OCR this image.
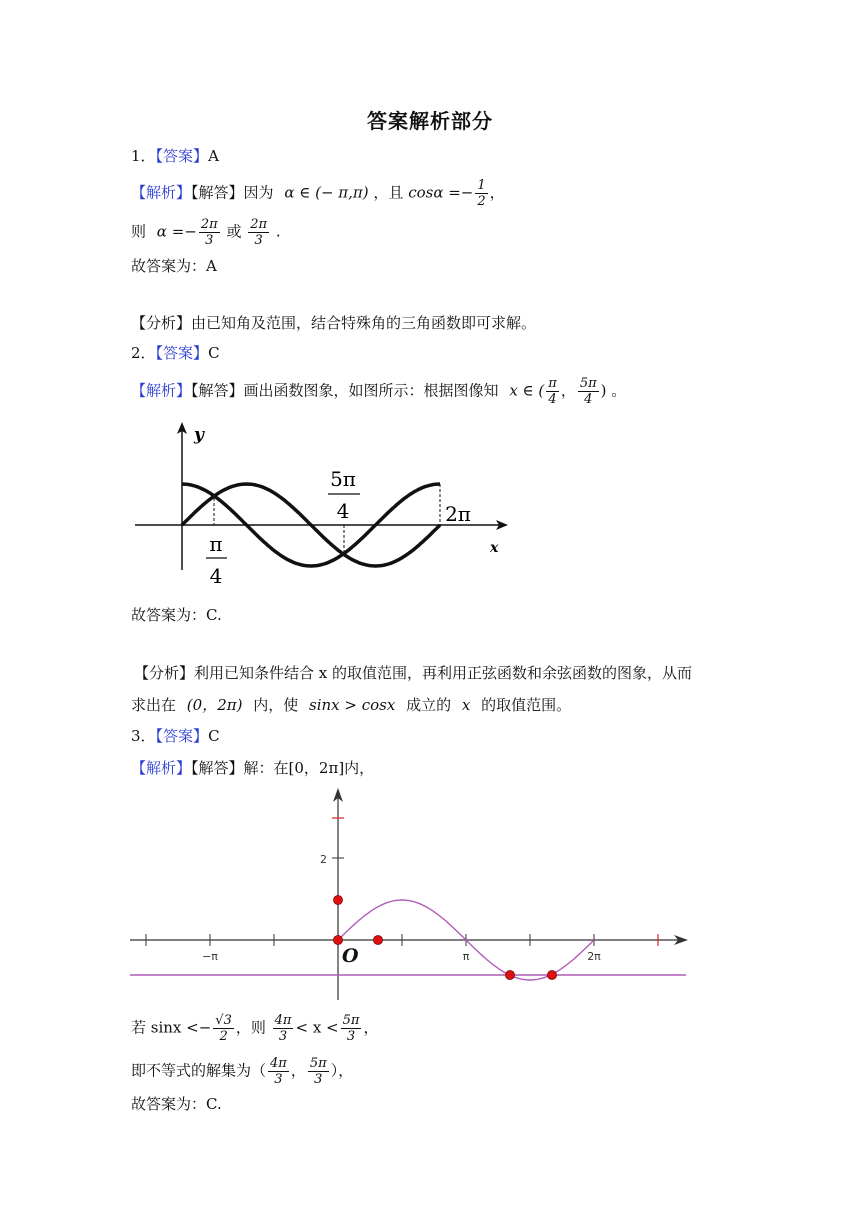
答案解析部分
1．【答案】A
【解析】【解答】因为 α ∈ (− π,π) ，且 $\cos\alpha =- \frac{1}{2}$ ，
则 $\alpha =- \frac{2\pi}{3}$ 或 $\frac{2\pi}{3}$ .
故答案为：A
【分析】由已知角及范围，结合特殊角的三角函数即可求解。
2．【答案】C
【解析】【解答】画出函数图象，如图所示：根据图像知 x ∈ ( $\frac{\pi}{4}$ ， $\frac{5\pi}{4}$ ) 。
y
x
5π
4	2π
π
4
故答案为：C.
【分析】利用已知条件结合 x 的取值范围，再利用正弦函数和余弦函数的图象，从而
求出在 (0，2π) 内，使 sinx > cosx 成立的 x 的取值范围。
3．【答案】C
【解析】【解答】解：在[0，2π]内，
2
−π	π	2π
O
若 $\sin x <- \frac{√3}{2}$ ，则 $\frac{4\pi}{3} < x < \frac{5\pi}{3}$ ，
即不等式的解集为（ $\frac{4\pi}{3}$ ， $\frac{5\pi}{3}$ ），
故答案为：C.
